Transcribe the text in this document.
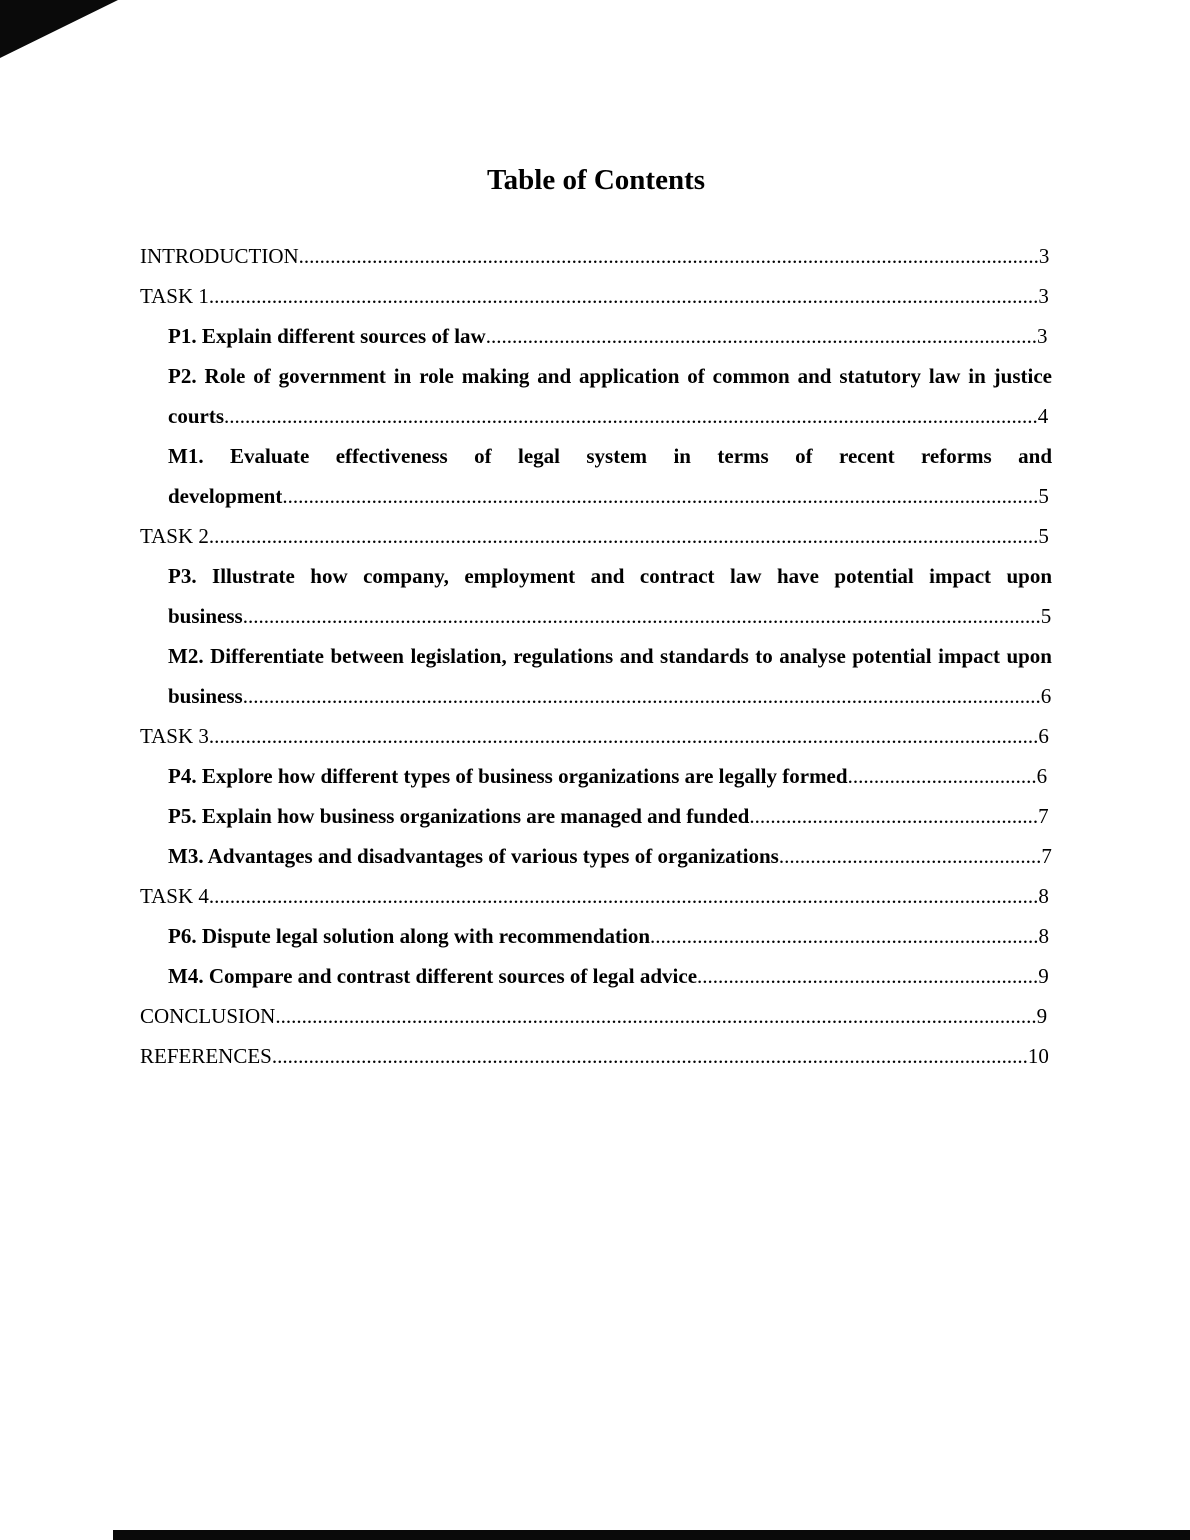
Table of Contents
INTRODUCTION.............................................................................................................................................3
TASK 1..............................................................................................................................................................3
P1. Explain different sources of law.........................................................................................................3
P2. Role of government in role making and application of common and statutory law in justice courts...........................................................................................................................................................4
M1. Evaluate effectiveness of legal system in terms of recent reforms and development................................................................................................................................................5
TASK 2..............................................................................................................................................................5
P3. Illustrate how company, employment and contract law have potential impact upon business........................................................................................................................................................5
M2. Differentiate between legislation, regulations and standards to analyse potential impact upon business........................................................................................................................................................6
TASK 3..............................................................................................................................................................6
P4. Explore how different types of business organizations are legally formed....................................6
P5. Explain how business organizations are managed and funded.......................................................7
M3. Advantages and disadvantages of various types of organizations..................................................7
TASK 4..............................................................................................................................................................8
P6. Dispute legal solution along with recommendation..........................................................................8
M4. Compare and contrast different sources of legal advice.................................................................9
CONCLUSION.................................................................................................................................................9
REFERENCES................................................................................................................................................10
